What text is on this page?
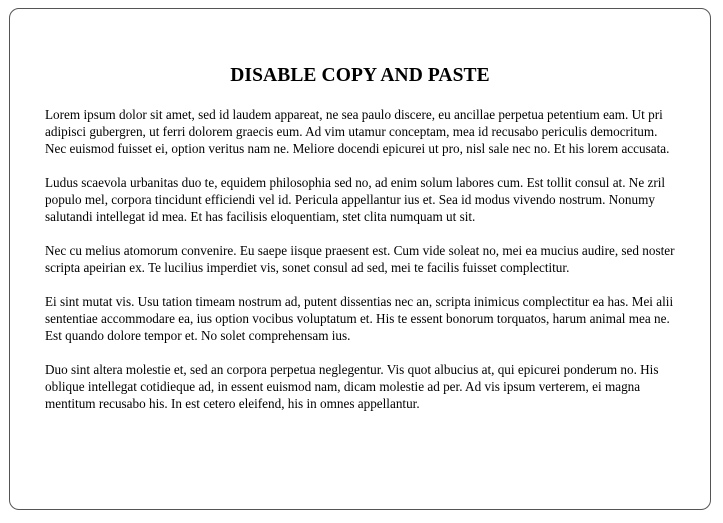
DISABLE COPY AND PASTE

Lorem ipsum dolor sit amet, sed id laudem appareat, ne sea paulo discere, eu ancillae perpetua petentium eam. Ut pri adipisci gubergren, ut ferri dolorem graecis eum. Ad vim utamur conceptam, mea id recusabo periculis democritum. Nec euismod fuisset ei, option veritus nam ne. Meliore docendi epicurei ut pro, nisl sale nec no. Et his lorem accusata.

Ludus scaevola urbanitas duo te, equidem philosophia sed no, ad enim solum labores cum. Est tollit consul at. Ne zril populo mel, corpora tincidunt efficiendi vel id. Pericula appellantur ius et. Sea id modus vivendo nostrum. Nonumy salutandi intellegat id mea. Et has facilisis eloquentiam, stet clita numquam ut sit.

Nec cu melius atomorum convenire. Eu saepe iisque praesent est. Cum vide soleat no, mei ea mucius audire, sed noster scripta apeirian ex. Te lucilius imperdiet vis, sonet consul ad sed, mei te facilis fuisset complectitur.

Ei sint mutat vis. Usu tation timeam nostrum ad, putent dissentias nec an, scripta inimicus complectitur ea has. Mei alii sententiae accommodare ea, ius option vocibus voluptatum et. His te essent bonorum torquatos, harum animal mea ne. Est quando dolore tempor et. No solet comprehensam ius.

Duo sint altera molestie et, sed an corpora perpetua neglegentur. Vis quot albucius at, qui epicurei ponderum no. His oblique intellegat cotidieque ad, in essent euismod nam, dicam molestie ad per. Ad vis ipsum verterem, ei magna mentitum recusabo his. In est cetero eleifend, his in omnes appellantur.
